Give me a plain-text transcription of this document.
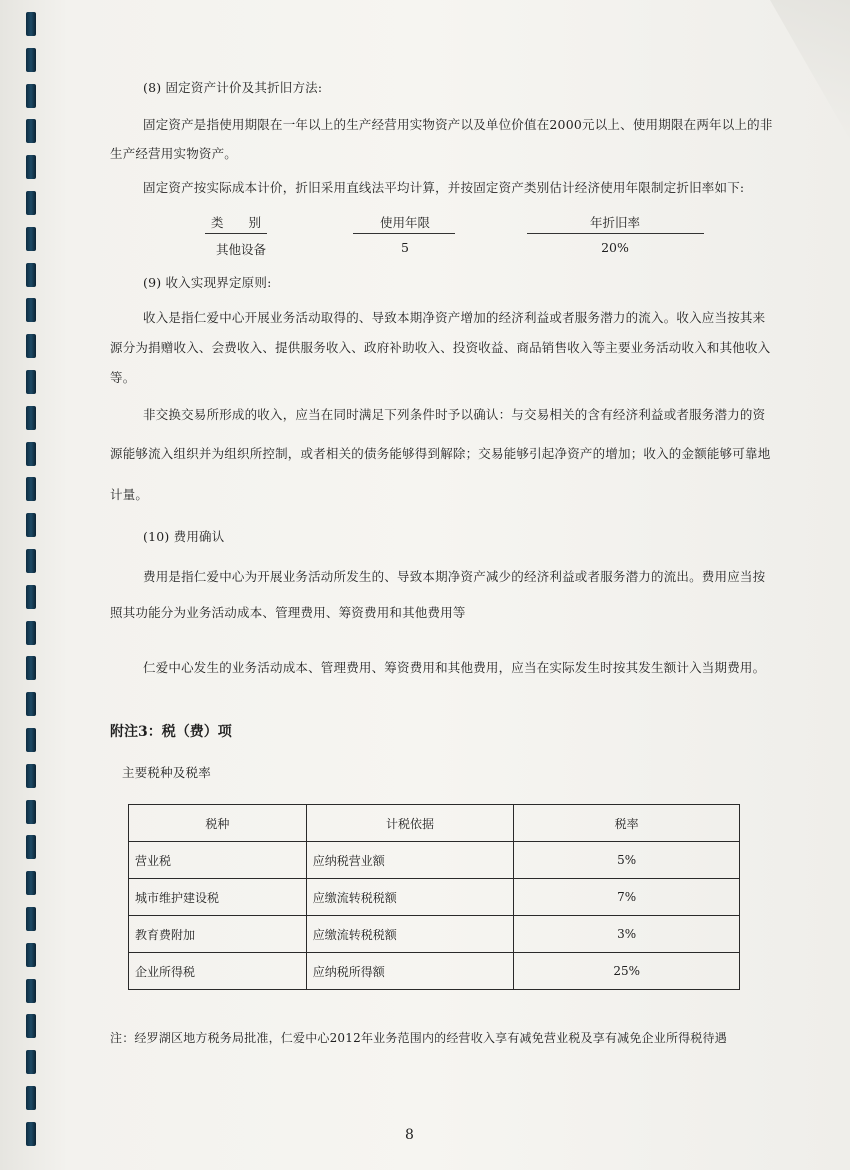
(8) 固定资产计价及其折旧方法:
固定资产是指使用期限在一年以上的生产经营用实物资产以及单位价值在2000元以上、使用期限在两年以上的非
生产经营用实物资产。
固定资产按实际成本计价，折旧采用直线法平均计算，并按固定资产类别估计经济使用年限制定折旧率如下:
类　　别	使用年限	年折旧率
其他设备	5	20%
(9) 收入实现界定原则:
收入是指仁爱中心开展业务活动取得的、导致本期净资产增加的经济利益或者服务潜力的流入。收入应当按其来
源分为捐赠收入、会费收入、提供服务收入、政府补助收入、投资收益、商品销售收入等主要业务活动收入和其他收入
等。
非交换交易所形成的收入，应当在同时满足下列条件时予以确认：与交易相关的含有经济利益或者服务潜力的资
源能够流入组织并为组织所控制，或者相关的债务能够得到解除；交易能够引起净资产的增加；收入的金额能够可靠地
计量。
(10) 费用确认
费用是指仁爱中心为开展业务活动所发生的、导致本期净资产减少的经济利益或者服务潜力的流出。费用应当按
照其功能分为业务活动成本、管理费用、筹资费用和其他费用等
仁爱中心发生的业务活动成本、管理费用、筹资费用和其他费用，应当在实际发生时按其发生额计入当期费用。
附注3：税（费）项
主要税种及税率
税种	计税依据	税率
营业税	应纳税营业额	5%
城市维护建设税	应缴流转税税额	7%
教育费附加	应缴流转税税额	3%
企业所得税	应纳税所得额	25%
注：经罗湖区地方税务局批准，仁爱中心2012年业务范围内的经营收入享有减免营业税及享有减免企业所得税待遇
8
